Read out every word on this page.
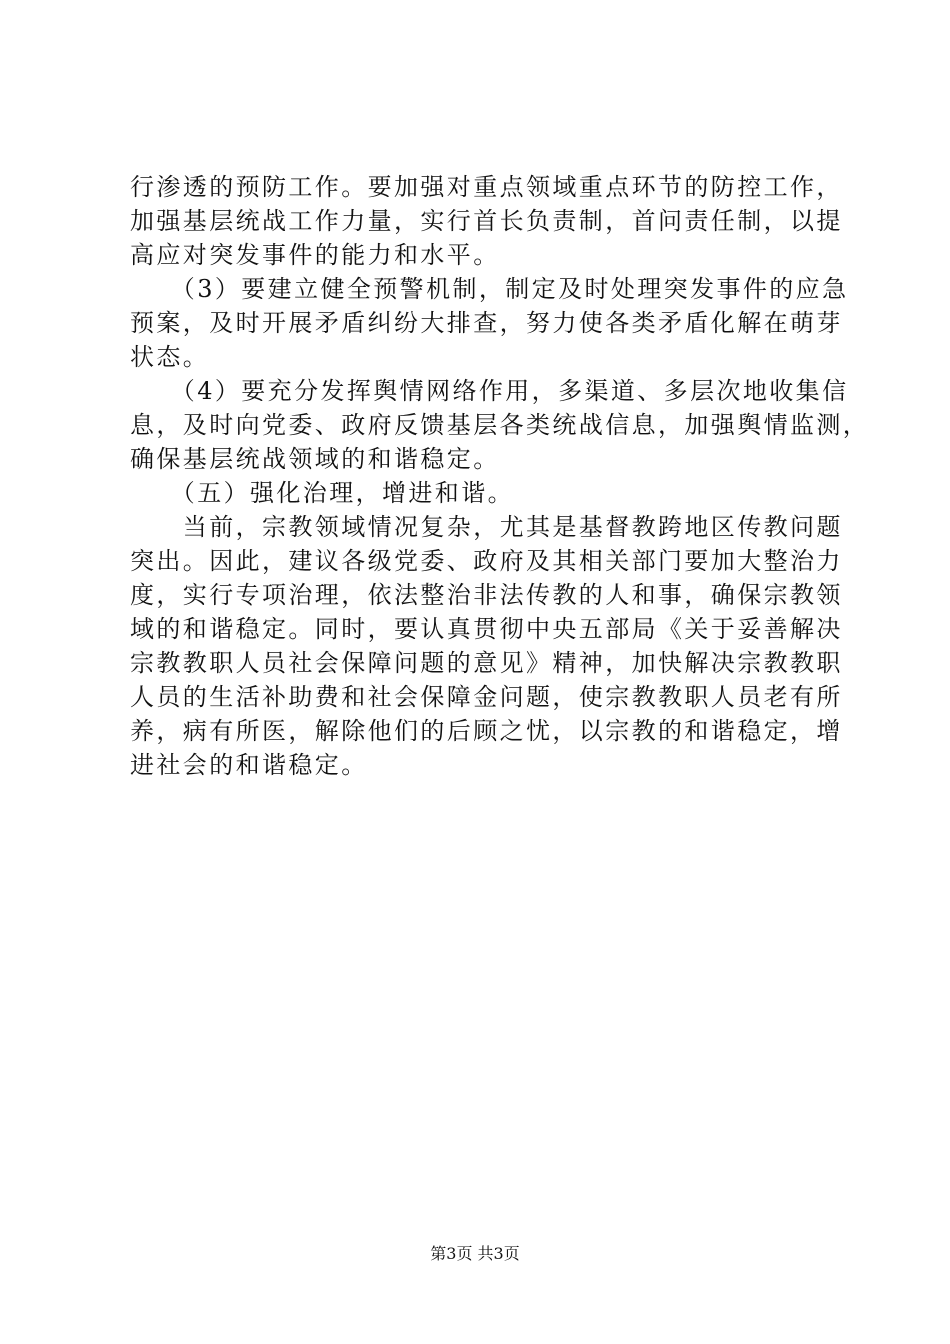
行渗透的预防工作。要加强对重点领域重点环节的防控工作，
加强基层统战工作力量，实行首长负责制，首问责任制，以提
高应对突发事件的能力和水平。
　　（3）要建立健全预警机制，制定及时处理突发事件的应急
预案，及时开展矛盾纠纷大排查，努力使各类矛盾化解在萌芽
状态。
　　（4）要充分发挥舆情网络作用，多渠道、多层次地收集信
息，及时向党委、政府反馈基层各类统战信息，加强舆情监测，
确保基层统战领域的和谐稳定。
　　（五）强化治理，增进和谐。
　　当前，宗教领域情况复杂，尤其是基督教跨地区传教问题
突出。因此，建议各级党委、政府及其相关部门要加大整治力
度，实行专项治理，依法整治非法传教的人和事，确保宗教领
域的和谐稳定。同时，要认真贯彻中央五部局《关于妥善解决
宗教教职人员社会保障问题的意见》精神，加快解决宗教教职
人员的生活补助费和社会保障金问题，使宗教教职人员老有所
养，病有所医，解除他们的后顾之忧，以宗教的和谐稳定，增
进社会的和谐稳定。
第3页 共3页
